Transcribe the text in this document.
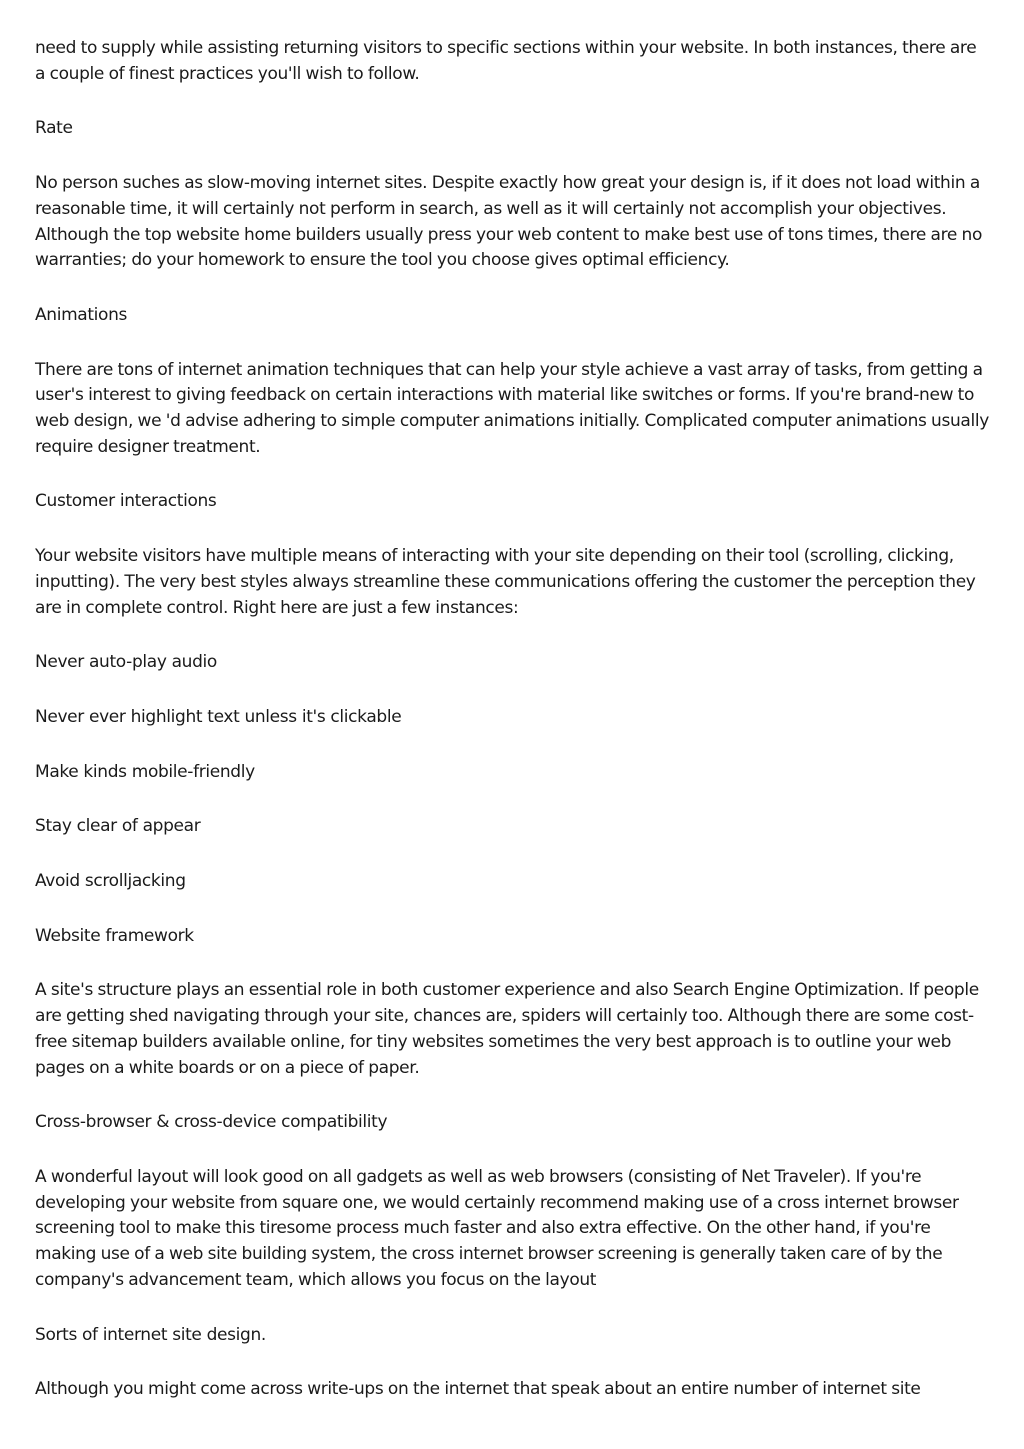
need to supply while assisting returning visitors to specific sections within your website. In both instances, there are a couple of finest practices you'll wish to follow.

Rate

No person suches as slow-moving internet sites. Despite exactly how great your design is, if it does not load within a reasonable time, it will certainly not perform in search, as well as it will certainly not accomplish your objectives. Although the top website home builders usually press your web content to make best use of tons times, there are no warranties; do your homework to ensure the tool you choose gives optimal efficiency.

Animations

There are tons of internet animation techniques that can help your style achieve a vast array of tasks, from getting a user's interest to giving feedback on certain interactions with material like switches or forms. If you're brand-new to web design, we 'd advise adhering to simple computer animations initially. Complicated computer animations usually require designer treatment.

Customer interactions

Your website visitors have multiple means of interacting with your site depending on their tool (scrolling, clicking, inputting). The very best styles always streamline these communications offering the customer the perception they are in complete control. Right here are just a few instances:

Never auto-play audio

Never ever highlight text unless it's clickable

Make kinds mobile-friendly

Stay clear of appear

Avoid scrolljacking

Website framework

A site's structure plays an essential role in both customer experience and also Search Engine Optimization. If people are getting shed navigating through your site, chances are, spiders will certainly too. Although there are some cost-free sitemap builders available online, for tiny websites sometimes the very best approach is to outline your web pages on a white boards or on a piece of paper.

Cross-browser & cross-device compatibility

A wonderful layout will look good on all gadgets as well as web browsers (consisting of Net Traveler). If you're developing your website from square one, we would certainly recommend making use of a cross internet browser screening tool to make this tiresome process much faster and also extra effective. On the other hand, if you're making use of a web site building system, the cross internet browser screening is generally taken care of by the company's advancement team, which allows you focus on the layout

Sorts of internet site design.

Although you might come across write-ups on the internet that speak about an entire number of internet site
